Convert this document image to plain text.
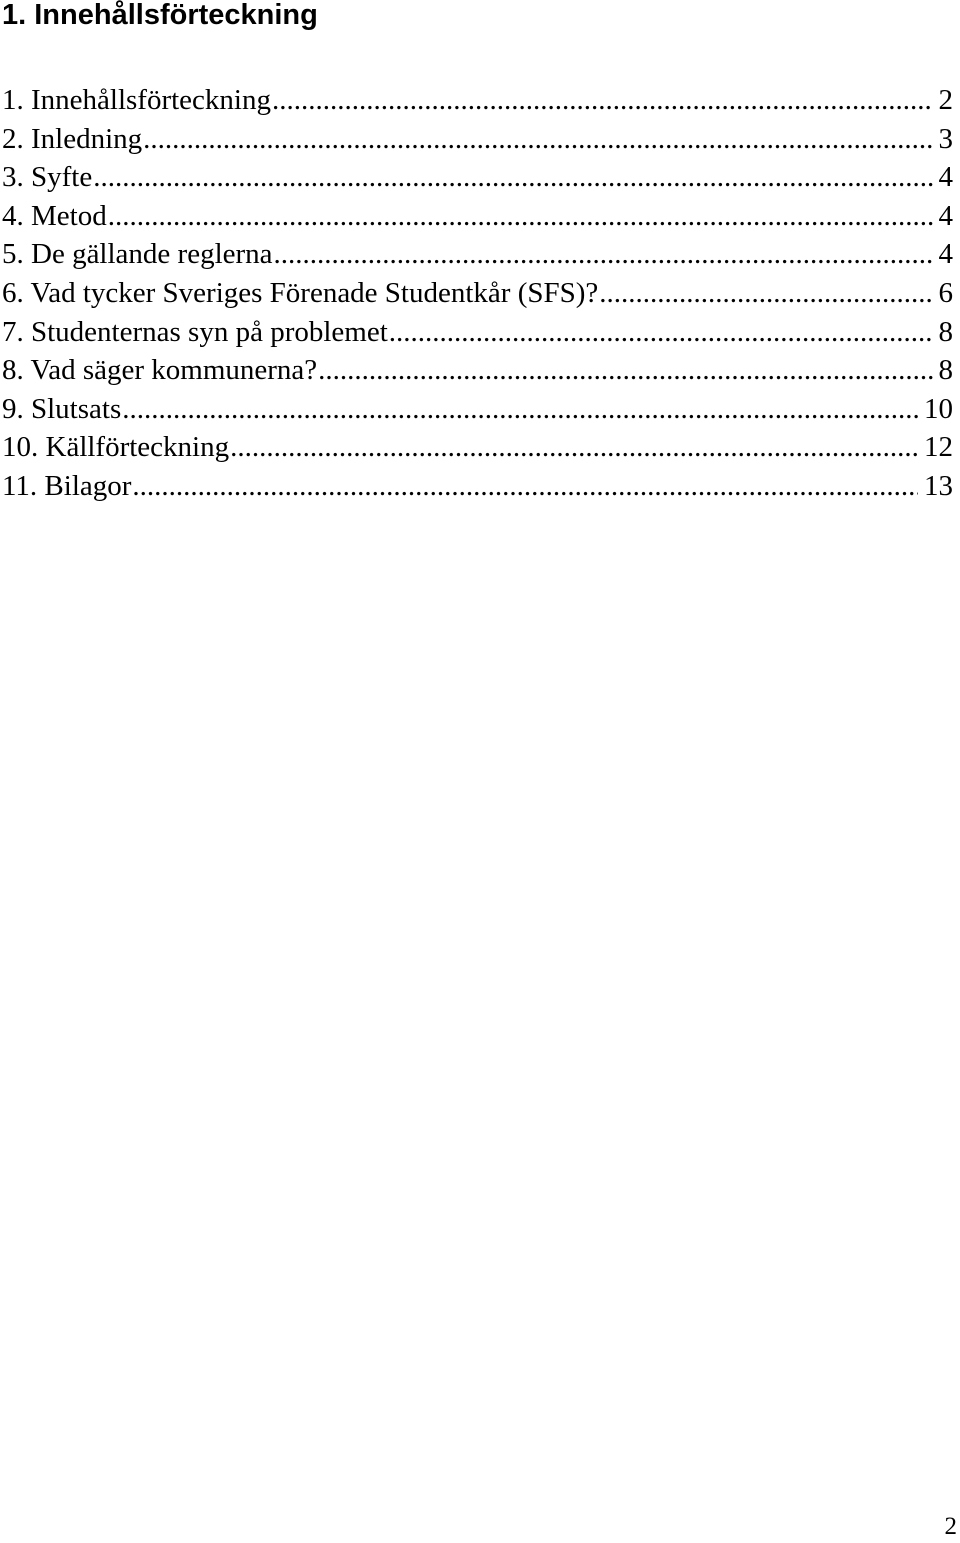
1. Innehållsförteckning
1. Innehållsförteckning .....	2
2. Inledning .....	3
3. Syfte .....	4
4. Metod .....	4
5. De gällande reglerna .....	4
6. Vad tycker Sveriges Förenade Studentkår (SFS)? .....	6
7. Studenternas syn på problemet .....	8
8. Vad säger kommunerna? .....	8
9. Slutsats .....	10
10. Källförteckning .....	12
11. Bilagor .....	13

2
